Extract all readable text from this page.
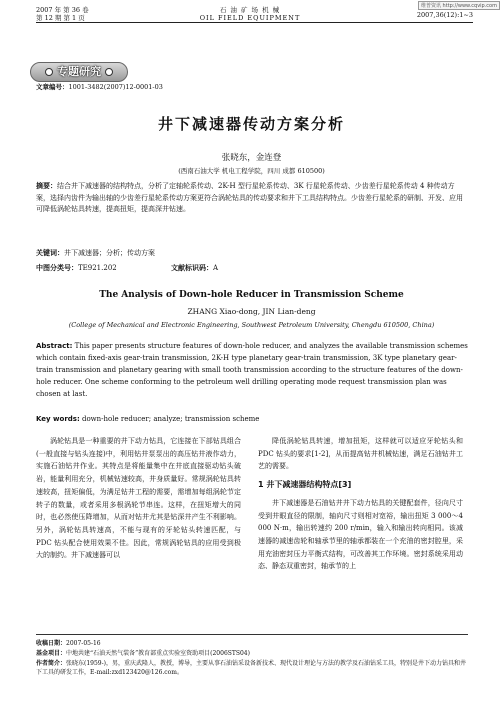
维普资讯 http://www.cqvip.com
2007 年 第 36 卷
第 12 期 第 1 页
石 油 矿 场 机 械
OIL FIELD EQUIPMENT	2007,36(12):1~3
专题研究
文章编号：1001-3482(2007)12-0001-03
井下减速器传动方案分析
张晓东，金连登
(西南石油大学 机电工程学院，四川 成都 610500)
摘要：结合井下减速器的结构特点，分析了定轴轮系传动、2K-H 型行星轮系传动、3K 行星轮系传动、少齿差行星轮系传动 4 种传动方案，选择内齿件为输出轴的少齿差行星轮系传动方案更符合涡轮钻具的传动要求和井下工具结构特点。少齿差行星轮系的研制、开发、应用可降低涡轮钻具转速，提高扭矩，提高深井钻速。
关键词：井下减速器；分析；传动方案
中图分类号：TE921.202	文献标识码：A
The Analysis of Down-hole Reducer in Transmission Scheme
ZHANG Xiao-dong, JIN Lian-deng
(College of Mechanical and Electronic Engineering, Southwest Petroleum University, Chengdu 610500, China)
Abstract: This paper presents structure features of down-hole reducer, and analyzes the available transmission schemes which contain fixed-axis gear-train transmission, 2K-H type planetary gear-train transmission, 3K type planetary gear-train transmission and planetary gearing with small tooth transmission according to the structure features of the down-hole reducer. One scheme conforming to the petroleum well drilling operating mode request transmission plan was chosen at last.
Key words: down-hole reducer; analyze; transmission scheme

涡轮钻具是一种重要的井下动力钻具，它连接在下部钻具组合(一般直接与钻头连接)中，利用钻井泵泵出的高压钻井液作动力，实施石油钻井作业。其特点是将能量集中在井底直接驱动钻头破岩，能量利用充分，机械钻速较高，井身质量好。常规涡轮钻具转速较高，扭矩偏低，为满足钻井工程的需要，需增加每组涡轮节定转子的数量，或者采用多根涡轮节串连。这样，在扭矩增大的同时，也必然使压降增加，从而对钻井尤其是钻深井产生不利影响。另外，涡轮钻具转速高，不能与现有的牙轮钻头转速匹配，与 PDC 钻头配合使用效果不佳。因此，常规涡轮钻具的应用受到极大的制约。井下减速器可以

降低涡轮钻具转速，增加扭矩，这样就可以适应牙轮钻头和 PDC 钻头的要求[1-2]，从而提高钻井机械钻速，满足石油钻井工艺的需要。

1 井下减速器结构特点[3]

井下减速器是石油钻井井下动力钻具的关键配套件，径向尺寸受到井眼直径的限制，轴向尺寸则相对宽裕，输出扭矩 3 000～4 000 N·m，输出转速约 200 r/min，输入和输出转向相同。该减速器的减速齿轮和轴承节里的轴承都装在一个充油的密封腔里，采用充油密封压力平衡式结构，可改善其工作环境。密封系统采用动态、静态双重密封，轴承节的上

收稿日期：2007-05-16
基金项目：中地共建“石油天然气装备”教育部重点实验室资助项目(2006STS04)
作者简介：张晓东(1959-)，男，重庆武隆人，教授，博导，主要从事石油钻采设备新技术、现代设计理论与方法的教学及石油钻采工具，特别是井下动力钻具和井下工具的研发工作，E-mail:zxd123420@126.com。
